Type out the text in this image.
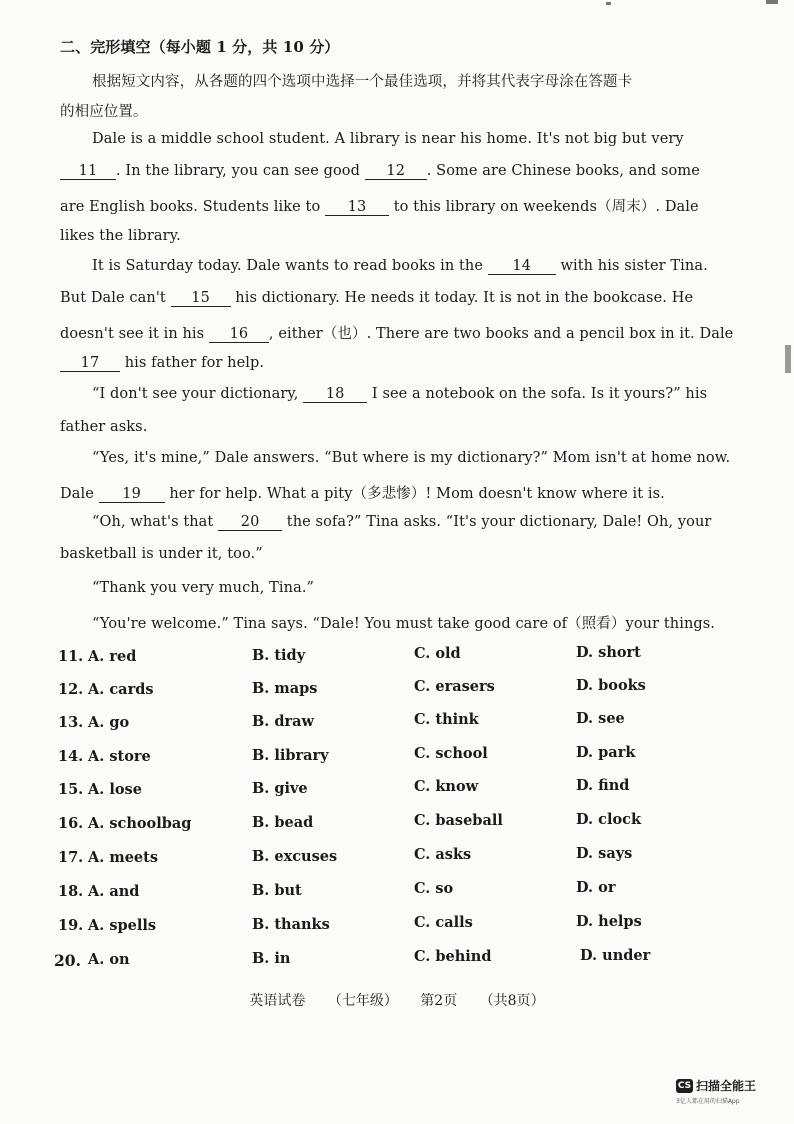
二、完形填空（每小题 1 分，共 10 分）
根据短文内容，从各题的四个选项中选择一个最佳选项，并将其代表字母涂在答题卡
的相应位置。
Dale is a middle school student. A library is near his home. It's not big but very
11 . In the library, you can see good 12 . Some are Chinese books, and some
are English books. Students like to 13 to this library on weekends（周末）. Dale
likes the library.
It is Saturday today. Dale wants to read books in the 14 with his sister Tina.
But Dale can't 15 his dictionary. He needs it today. It is not in the bookcase. He
doesn't see it in his 16 , either（也）. There are two books and a pencil box in it. Dale
17 his father for help.
“I don't see your dictionary, 18 I see a notebook on the sofa. Is it yours?” his
father asks.
“Yes, it's mine,” Dale answers. “But where is my dictionary?” Mom isn't at home now.
Dale 19 her for help. What a pity（多悲惨）! Mom doesn't know where it is.
“Oh, what's that 20 the sofa?” Tina asks. “It's your dictionary, Dale! Oh, your
basketball is under it, too.”
“Thank you very much, Tina.”
“You're welcome.” Tina says. “Dale! You must take good care of（照看）your things.
11. A. red	B. tidy	C. old	D. short
12. A. cards	B. maps	C. erasers	D. books
13. A. go	B. draw	C. think	D. see
14. A. store	B. library	C. school	D. park
15. A. lose	B. give	C. know	D. find
16. A. schoolbag	B. bead	C. baseball	D. clock
17. A. meets	B. excuses	C. asks	D. says
18. A. and	B. but	C. so	D. or
19. A. spells	B. thanks	C. calls	D. helps
20. A. on	B. in	C. behind	D. under
英语试卷 （七年级） 第2页 （共8页）
CS 扫描全能王
3亿人都在用的扫描App
